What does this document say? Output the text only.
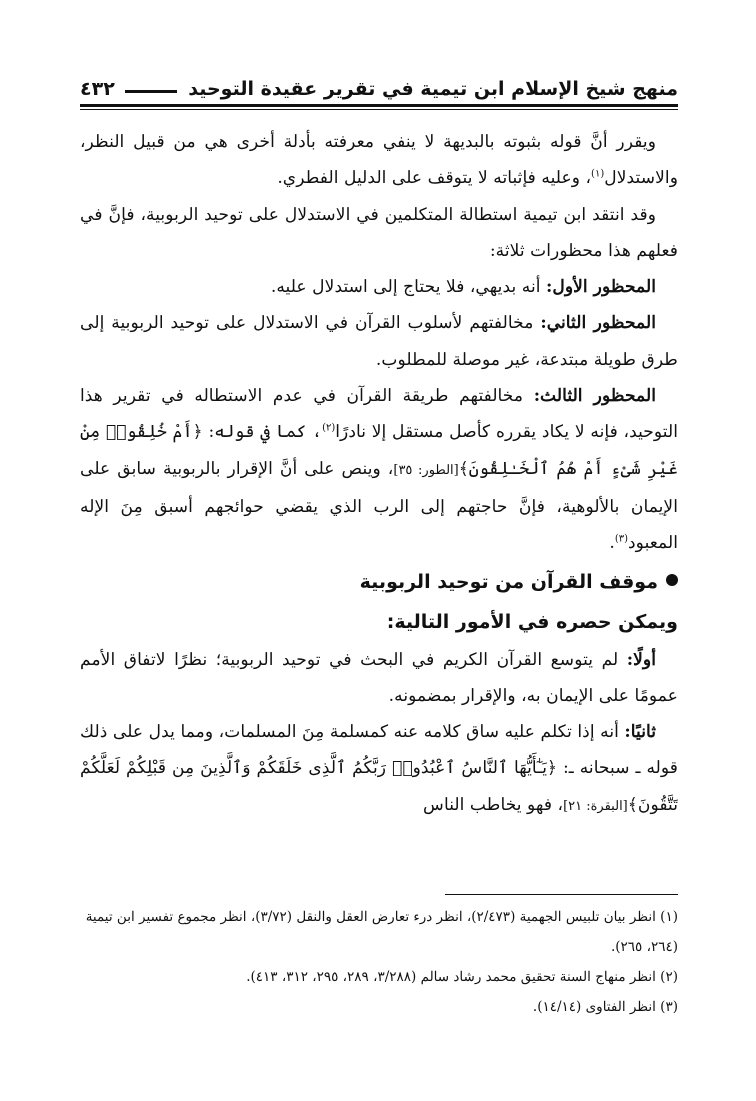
٤٣٢	منهج شيخ الإسلام ابن تيمية في تقرير عقيدة التوحيد

ويقرر أنَّ قوله بثبوته بالبديهة لا ينفي معرفته بأدلة أخرى هي من قبيل النظر، والاستدلال$^{(١)}$، وعليه فإثباته لا يتوقف على الدليل الفطري.

وقد انتقد ابن تيمية استطالة المتكلمين في الاستدلال على توحيد الربوبية، فإنَّ في فعلهم هذا محظورات ثلاثة:

المحظور الأول: أنه بديهي، فلا يحتاج إلى استدلال عليه.

المحظور الثاني: مخالفتهم لأسلوب القرآن في الاستدلال على توحيد الربوبية إلى طرق طويلة مبتدعة، غير موصلة للمطلوب.

المحظور الثالث: مخالفتهم طريقة القرآن في عدم الاستطاله في تقرير هذا التوحيد، فإنه لا يكاد يقرره كأصل مستقل إلا نادرًا$^{(٢)}$، كما في قوله: ﴿أَمْ خُلِقُوا۟ مِنْ غَيْرِ شَىْءٍ أَمْ هُمُ ٱلْخَـٰلِقُونَ﴾[الطور: ٣٥]، وينص على أنَّ الإقرار بالربوبية سابق على الإيمان بالألوهية، فإنَّ حاجتهم إلى الرب الذي يقضي حوائجهم أسبق مِنَ الإله المعبود$^{(٣)}$.

موقف القرآن من توحيد الربوبية

ويمكن حصره في الأمور التالية:

أولًا: لم يتوسع القرآن الكريم في البحث في توحيد الربوبية؛ نظرًا لاتفاق الأمم عمومًا على الإيمان به، والإقرار بمضمونه.

ثانيًا: أنه إذا تكلم عليه ساق كلامه عنه كمسلمة مِنَ المسلمات، ومما يدل على ذلك قوله ـ سبحانه ـ: ﴿يَـٰٓأَيُّهَا ٱلنَّاسُ ٱعْبُدُوا۟ رَبَّكُمُ ٱلَّذِى خَلَقَكُمْ وَٱلَّذِينَ مِن قَبْلِكُمْ لَعَلَّكُمْ تَتَّقُونَ﴾[البقرة: ٢١]، فهو يخاطب الناس

(١) انظر بيان تلبيس الجهمية (٢/٤٧٣)، انظر درء تعارض العقل والنقل (٣/٧٢)، انظر مجموع تفسير ابن تيمية (٢٦٤، ٢٦٥).

(٢) انظر منهاج السنة تحقيق محمد رشاد سالم (٣/٢٨٨، ٢٨٩، ٢٩٥، ٣١٢، ٤١٣).

(٣) انظر الفتاوى (١٤/١٤).
